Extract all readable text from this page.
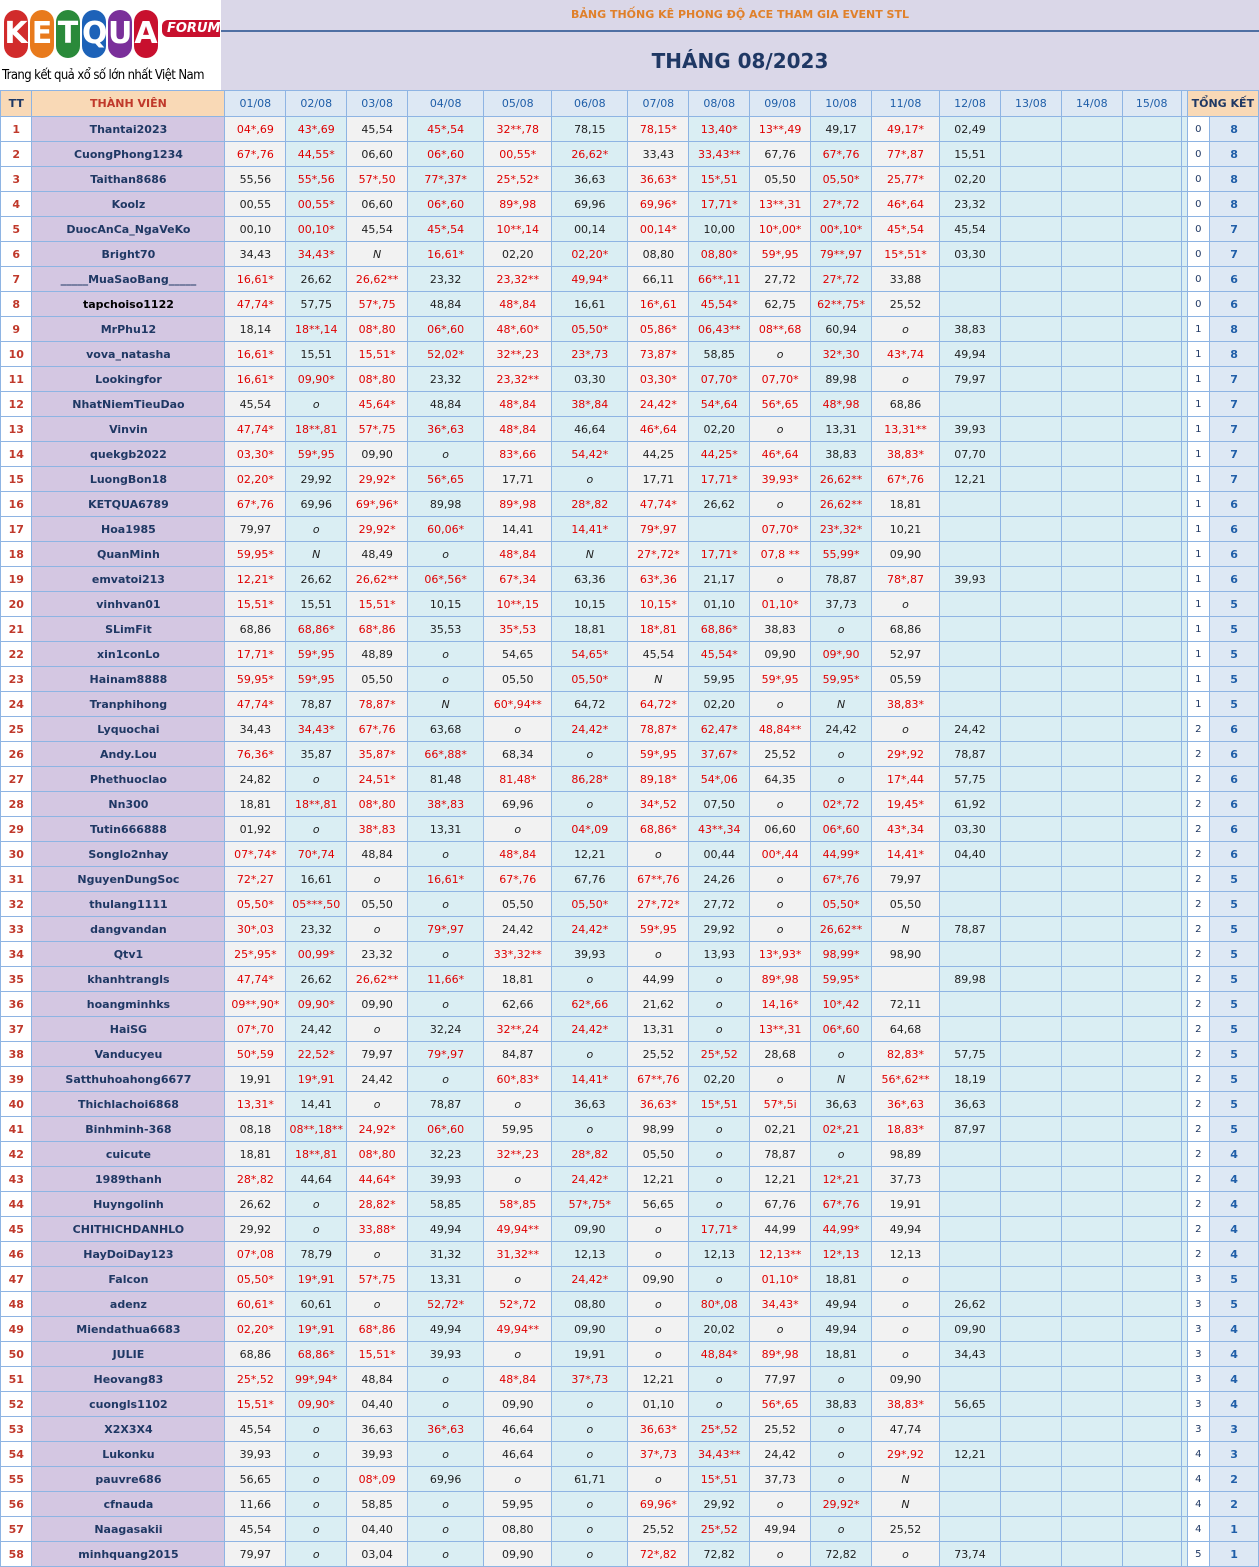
K E T Q U A FORUM
Trang kết quả xổ số lớn nhất Việt Nam
BẢNG THỐNG KÊ PHONG ĐỘ ACE THAM GIA EVENT STL
THÁNG 08/2023
TT	THÀNH VIÊN	01/08	02/08	03/08	04/08	05/08	06/08	07/08	08/08	09/08	10/08	11/08	12/08	13/08	14/08	15/08		TỔNG KẾT	
1	Thantai2023	04*,69	43*,69	45,54	45*,54	32**,78	78,15	78,15*	13,40*	13**,49	49,17	49,17*	02,49					0	8
2	CuongPhong1234	67*,76	44,55*	06,60	06*,60	00,55*	26,62*	33,43	33,43**	67,76	67*,76	77*,87	15,51					0	8
3	Taithan8686	55,56	55*,56	57*,50	77*,37*	25*,52*	36,63	36,63*	15*,51	05,50	05,50*	25,77*	02,20					0	8
4	Koolz	00,55	00,55*	06,60	06*,60	89*,98	69,96	69,96*	17,71*	13**,31	27*,72	46*,64	23,32					0	8
5	DuocAnCa_NgaVeKo	00,10	00,10*	45,54	45*,54	10**,14	00,14	00,14*	10,00	10*,00*	00*,10*	45*,54	45,54					0	7
6	Bright70	34,43	34,43*	N	16,61*	02,20	02,20*	08,80	08,80*	59*,95	79**,97	15*,51*	03,30					0	7
7	_____MuaSaoBang_____	16,61*	26,62	26,62**	23,32	23,32**	49,94*	66,11	66**,11	27,72	27*,72	33,88						0	6
8	tapchoiso1122	47,74*	57,75	57*,75	48,84	48*,84	16,61	16*,61	45,54*	62,75	62**,75*	25,52						0	6
9	MrPhu12	18,14	18**,14	08*,80	06*,60	48*,60*	05,50*	05,86*	06,43**	08**,68	60,94	o	38,83					1	8
10	vova_natasha	16,61*	15,51	15,51*	52,02*	32**,23	23*,73	73,87*	58,85	o	32*,30	43*,74	49,94					1	8
11	Lookingfor	16,61*	09,90*	08*,80	23,32	23,32**	03,30	03,30*	07,70*	07,70*	89,98	o	79,97					1	7
12	NhatNiemTieuDao	45,54	o	45,64*	48,84	48*,84	38*,84	24,42*	54*,64	56*,65	48*,98	68,86						1	7
13	Vinvin	47,74*	18**,81	57*,75	36*,63	48*,84	46,64	46*,64	02,20	o	13,31	13,31**	39,93					1	7
14	quekgb2022	03,30*	59*,95	09,90	o	83*,66	54,42*	44,25	44,25*	46*,64	38,83	38,83*	07,70					1	7
15	LuongBon18	02,20*	29,92	29,92*	56*,65	17,71	o	17,71	17,71*	39,93*	26,62**	67*,76	12,21					1	7
16	KETQUA6789	67*,76	69,96	69*,96*	89,98	89*,98	28*,82	47,74*	26,62	o	26,62**	18,81						1	6
17	Hoa1985	79,97	o	29,92*	60,06*	14,41	14,41*	79*,97		07,70*	23*,32*	10,21						1	6
18	QuanMinh	59,95*	N	48,49	o	48*,84	N	27*,72*	17,71*	07,8 **	55,99*	09,90						1	6
19	emvatoi213	12,21*	26,62	26,62**	06*,56*	67*,34	63,36	63*,36	21,17	o	78,87	78*,87	39,93					1	6
20	vinhvan01	15,51*	15,51	15,51*	10,15	10**,15	10,15	10,15*	01,10	01,10*	37,73	o						1	5
21	SLimFit	68,86	68,86*	68*,86	35,53	35*,53	18,81	18*,81	68,86*	38,83	o	68,86						1	5
22	xin1conLo	17,71*	59*,95	48,89	o	54,65	54,65*	45,54	45,54*	09,90	09*,90	52,97						1	5
23	Hainam8888	59,95*	59*,95	05,50	o	05,50	05,50*	N	59,95	59*,95	59,95*	05,59						1	5
24	Tranphihong	47,74*	78,87	78,87*	N	60*,94**	64,72	64,72*	02,20	o	N	38,83*						1	5
25	Lyquochai	34,43	34,43*	67*,76	63,68	o	24,42*	78,87*	62,47*	48,84**	24,42	o	24,42					2	6
26	Andy.Lou	76,36*	35,87	35,87*	66*,88*	68,34	o	59*,95	37,67*	25,52	o	29*,92	78,87					2	6
27	Phethuoclao	24,82	o	24,51*	81,48	81,48*	86,28*	89,18*	54*,06	64,35	o	17*,44	57,75					2	6
28	Nn300	18,81	18**,81	08*,80	38*,83	69,96	o	34*,52	07,50	o	02*,72	19,45*	61,92					2	6
29	Tutin666888	01,92	o	38*,83	13,31	o	04*,09	68,86*	43**,34	06,60	06*,60	43*,34	03,30					2	6
30	Songlo2nhay	07*,74*	70*,74	48,84	o	48*,84	12,21	o	00,44	00*,44	44,99*	14,41*	04,40					2	6
31	NguyenDungSoc	72*,27	16,61	o	16,61*	67*,76	67,76	67**,76	24,26	o	67*,76	79,97						2	5
32	thulang1111	05,50*	05***,50	05,50	o	05,50	05,50*	27*,72*	27,72	o	05,50*	05,50						2	5
33	dangvandan	30*,03	23,32	o	79*,97	24,42	24,42*	59*,95	29,92	o	26,62**	N	78,87					2	5
34	Qtv1	25*,95*	00,99*	23,32	o	33*,32**	39,93	o	13,93	13*,93*	98,99*	98,90						2	5
35	khanhtrangls	47,74*	26,62	26,62**	11,66*	18,81	o	44,99	o	89*,98	59,95*		89,98					2	5
36	hoangminhks	09**,90*	09,90*	09,90	o	62,66	62*,66	21,62	o	14,16*	10*,42	72,11						2	5
37	HaiSG	07*,70	24,42	o	32,24	32**,24	24,42*	13,31	o	13**,31	06*,60	64,68						2	5
38	Vanducyeu	50*,59	22,52*	79,97	79*,97	84,87	o	25,52	25*,52	28,68	o	82,83*	57,75					2	5
39	Satthuhoahong6677	19,91	19*,91	24,42	o	60*,83*	14,41*	67**,76	02,20	o	N	56*,62**	18,19					2	5
40	Thichlachoi6868	13,31*	14,41	o	78,87	o	36,63	36,63*	15*,51	57*,5i	36,63	36*,63	36,63					2	5
41	Binhminh-368	08,18	08**,18**	24,92*	06*,60	59,95	o	98,99	o	02,21	02*,21	18,83*	87,97					2	5
42	cuicute	18,81	18**,81	08*,80	32,23	32**,23	28*,82	05,50	o	78,87	o	98,89						2	4
43	1989thanh	28*,82	44,64	44,64*	39,93	o	24,42*	12,21	o	12,21	12*,21	37,73						2	4
44	Huyngolinh	26,62	o	28,82*	58,85	58*,85	57*,75*	56,65	o	67,76	67*,76	19,91						2	4
45	CHITHICHDANHLO	29,92	o	33,88*	49,94	49,94**	09,90	o	17,71*	44,99	44,99*	49,94						2	4
46	HayDoiDay123	07*,08	78,79	o	31,32	31,32**	12,13	o	12,13	12,13**	12*,13	12,13						2	4
47	Falcon	05,50*	19*,91	57*,75	13,31	o	24,42*	09,90	o	01,10*	18,81	o						3	5
48	adenz	60,61*	60,61	o	52,72*	52*,72	08,80	o	80*,08	34,43*	49,94	o	26,62					3	5
49	Miendathua6683	02,20*	19*,91	68*,86	49,94	49,94**	09,90	o	20,02	o	49,94	o	09,90					3	4
50	JULIE	68,86	68,86*	15,51*	39,93	o	19,91	o	48,84*	89*,98	18,81	o	34,43					3	4
51	Heovang83	25*,52	99*,94*	48,84	o	48*,84	37*,73	12,21	o	77,97	o	09,90						3	4
52	cuongls1102	15,51*	09,90*	04,40	o	09,90	o	01,10	o	56*,65	38,83	38,83*	56,65					3	4
53	X2X3X4	45,54	o	36,63	36*,63	46,64	o	36,63*	25*,52	25,52	o	47,74						3	3
54	Lukonku	39,93	o	39,93	o	46,64	o	37*,73	34,43**	24,42	o	29*,92	12,21					4	3
55	pauvre686	56,65	o	08*,09	69,96	o	61,71	o	15*,51	37,73	o	N						4	2
56	cfnauda	11,66	o	58,85	o	59,95	o	69,96*	29,92	o	29,92*	N						4	2
57	Naagasakii	45,54	o	04,40	o	08,80	o	25,52	25*,52	49,94	o	25,52						4	1
58	minhquang2015	79,97	o	03,04	o	09,90	o	72*,82	72,82	o	72,82	o	73,74					5	1
